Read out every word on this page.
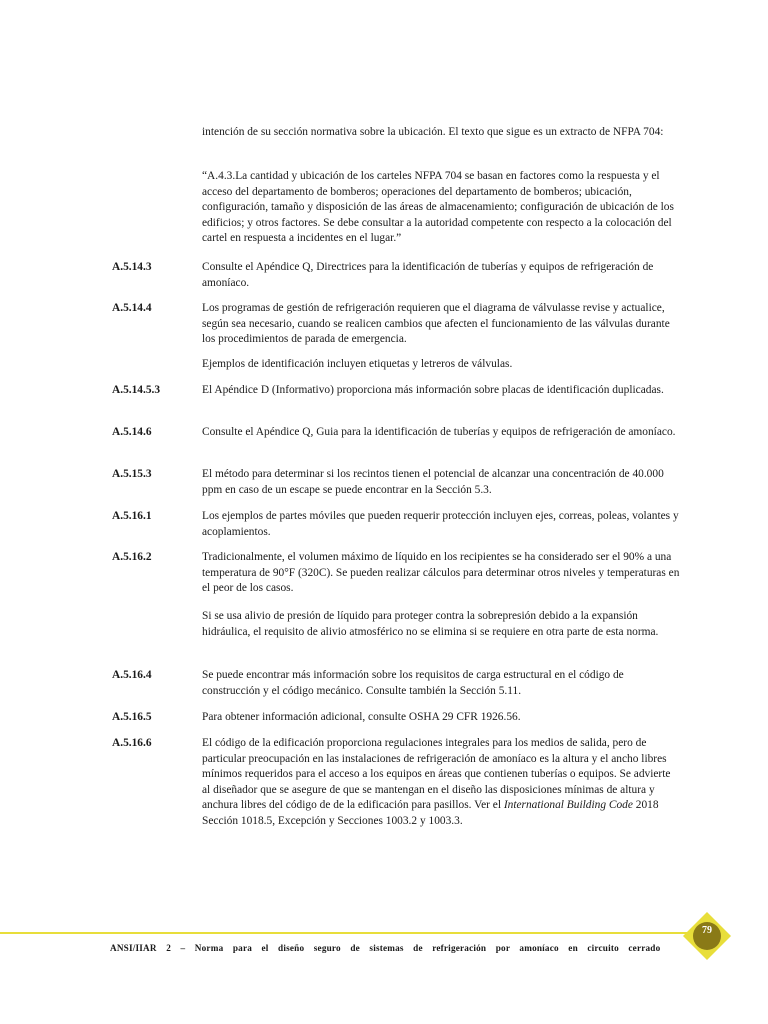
intención de su sección normativa sobre la ubicación. El texto que sigue es un extracto de NFPA 704:

“A.4.3.La cantidad y ubicación de los carteles NFPA 704 se basan en factores como la respuesta y el acceso del departamento de bomberos; operaciones del departamento de bomberos; ubicación, configuración, tamaño y disposición de las áreas de almacenamiento; configuración de ubicación de los edificios; y otros factores. Se debe consultar a la autoridad competente con respecto a la colocación del cartel en respuesta a incidentes en el lugar.”

A.5.14.3	Consulte el Apéndice Q, Directrices para la identificación de tuberías y equipos de refrigeración de amoníaco.

A.5.14.4	Los programas de gestión de refrigeración requieren que el diagrama de válvulasse revise y actualice, según sea necesario, cuando se realicen cambios que afecten el funcionamiento de las válvulas durante los procedimientos de parada de emergencia.

Ejemplos de identificación incluyen etiquetas y letreros de válvulas.

A.5.14.5.3	El Apéndice D (Informativo) proporciona más información sobre placas de identificación duplicadas.

A.5.14.6	Consulte el Apéndice Q, Guia para la identificación de tuberías y equipos de refrigeración de amoníaco.

A.5.15.3	El método para determinar si los recintos tienen el potencial de alcanzar una concentración de 40.000 ppm en caso de un escape se puede encontrar en la Sección 5.3.

A.5.16.1	Los ejemplos de partes móviles que pueden requerir protección incluyen ejes, correas, poleas, volantes y acoplamientos.

A.5.16.2	Tradicionalmente, el volumen máximo de líquido en los recipientes se ha considerado ser el 90% a una temperatura de 90°F (320C). Se pueden realizar cálculos para determinar otros niveles y temperaturas en el peor de los casos.

Si se usa alivio de presión de líquido para proteger contra la sobrepresión debido a la expansión hidráulica, el requisito de alivio atmosférico no se elimina si se requiere en otra parte de esta norma.

A.5.16.4	Se puede encontrar más información sobre los requisitos de carga estructural en el código de construcción y el código mecánico. Consulte también la Sección 5.11.

A.5.16.5	Para obtener información adicional, consulte OSHA 29 CFR 1926.56.

A.5.16.6	El código de la edificación proporciona regulaciones integrales para los medios de salida, pero de particular preocupación en las instalaciones de refrigeración de amoníaco es la altura y el ancho libres mínimos requeridos para el acceso a los equipos en áreas que contienen tuberías o equipos. Se advierte al diseñador que se asegure de que se mantengan en el diseño las disposiciones mínimas de altura y anchura libres del código de de la edificación para pasillos. Ver el International Building Code 2018 Sección 1018.5, Excepción y Secciones 1003.2 y 1003.3.

ANSI/IIAR 2 – Norma para el diseño seguro de sistemas de refrigeración por amoníaco en circuito cerrado
79
